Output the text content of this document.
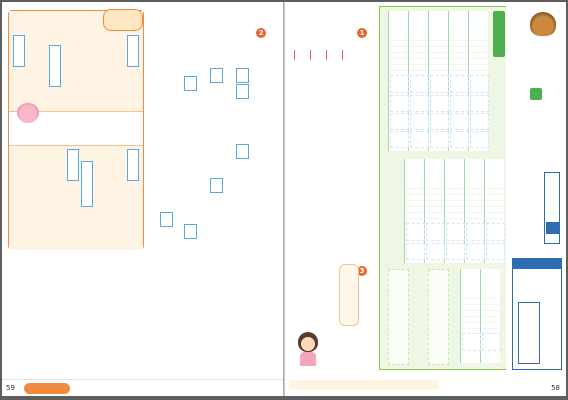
2
59
1
3
58
